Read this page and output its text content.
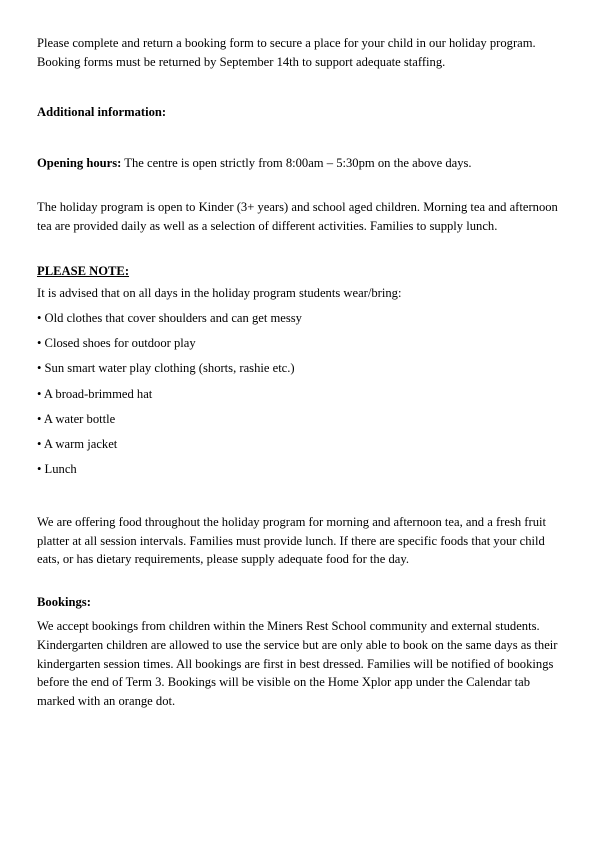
Please complete and return a booking form to secure a place for your child in our holiday program. Booking forms must be returned by September 14th to support adequate staffing.

Additional information:

Opening hours: The centre is open strictly from 8:00am – 5:30pm on the above days.

The holiday program is open to Kinder (3+ years) and school aged children. Morning tea and afternoon tea are provided daily as well as a selection of different activities. Families to supply lunch.

PLEASE NOTE:

It is advised that on all days in the holiday program students wear/bring:

• Old clothes that cover shoulders and can get messy
• Closed shoes for outdoor play
• Sun smart water play clothing (shorts, rashie etc.)
• A broad-brimmed hat
• A water bottle
• A warm jacket
• Lunch

We are offering food throughout the holiday program for morning and afternoon tea, and a fresh fruit platter at all session intervals. Families must provide lunch. If there are specific foods that your child eats, or has dietary requirements, please supply adequate food for the day.

Bookings:

We accept bookings from children within the Miners Rest School community and external students. Kindergarten children are allowed to use the service but are only able to book on the same days as their kindergarten session times. All bookings are first in best dressed. Families will be notified of bookings before the end of Term 3. Bookings will be visible on the Home Xplor app under the Calendar tab marked with an orange dot.
